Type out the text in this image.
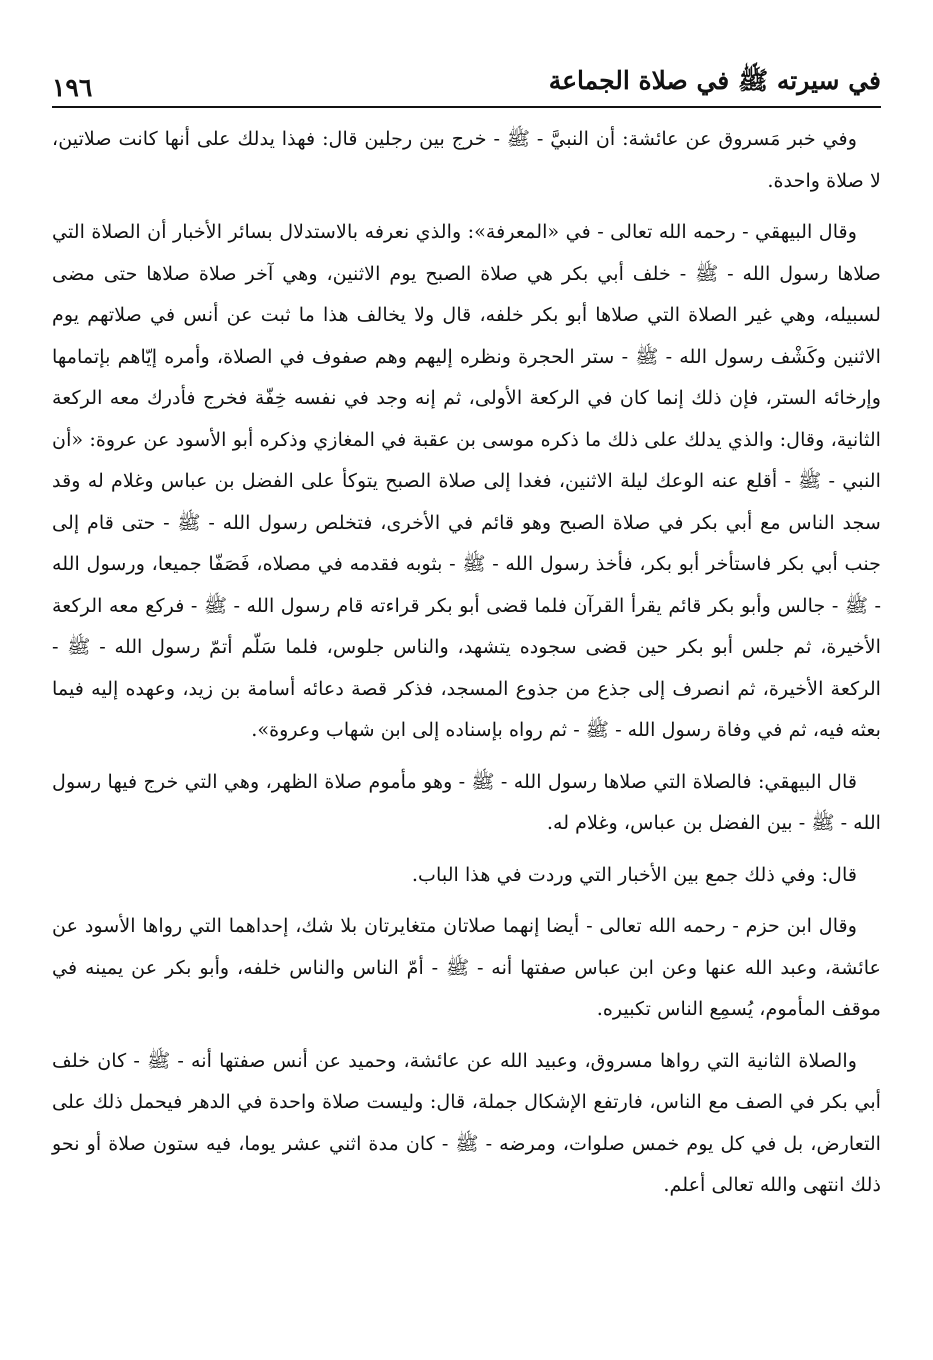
في سيرته ﷺ في صلاة الجماعة
١٩٦

وفي خبر مَسروق عن عائشة: أن النبيَّ - ﷺ - خرج بين رجلين قال: فهذا يدلك على أنها كانت صلاتين، لا صلاة واحدة.

وقال البيهقي - رحمه الله تعالى - في «المعرفة»: والذي نعرفه بالاستدلال بسائر الأخبار أن الصلاة التي صلاها رسول الله - ﷺ - خلف أبي بكر هي صلاة الصبح يوم الاثنين، وهي آخر صلاة صلاها حتى مضى لسبيله، وهي غير الصلاة التي صلاها أبو بكر خلفه، قال ولا يخالف هذا ما ثبت عن أنس في صلاتهم يوم الاثنين وكَشْف رسول الله - ﷺ - ستر الحجرة ونظره إليهم وهم صفوف في الصلاة، وأمره إيّاهم بإتمامها وإرخائه الستر، فإن ذلك إنما كان في الركعة الأولى، ثم إنه وجد في نفسه خِفّة فخرج فأدرك معه الركعة الثانية، وقال: والذي يدلك على ذلك ما ذكره موسى بن عقبة في المغازي وذكره أبو الأسود عن عروة: «أن النبي - ﷺ - أقلع عنه الوعك ليلة الاثنين، فغدا إلى صلاة الصبح يتوكأ على الفضل بن عباس وغلام له وقد سجد الناس مع أبي بكر في صلاة الصبح وهو قائم في الأخرى، فتخلص رسول الله - ﷺ - حتى قام إلى جنب أبي بكر فاستأخر أبو بكر، فأخذ رسول الله - ﷺ - بثوبه فقدمه في مصلاه، فَصَفّا جميعا، ورسول الله - ﷺ - جالس وأبو بكر قائم يقرأ القرآن فلما قضى أبو بكر قراءته قام رسول الله - ﷺ - فركع معه الركعة الأخيرة، ثم جلس أبو بكر حين قضى سجوده يتشهد، والناس جلوس، فلما سَلّم أتمّ رسول الله - ﷺ - الركعة الأخيرة، ثم انصرف إلى جذع من جذوع المسجد، فذكر قصة دعائه أسامة بن زيد، وعهده إليه فيما بعثه فيه، ثم في وفاة رسول الله - ﷺ - ثم رواه بإسناده إلى ابن شهاب وعروة».

قال البيهقي: فالصلاة التي صلاها رسول الله - ﷺ - وهو مأموم صلاة الظهر، وهي التي خرج فيها رسول الله - ﷺ - بين الفضل بن عباس، وغلام له.

قال: وفي ذلك جمع بين الأخبار التي وردت في هذا الباب.

وقال ابن حزم - رحمه الله تعالى - أيضا إنهما صلاتان متغايرتان بلا شك، إحداهما التي رواها الأسود عن عائشة، وعبد الله عنها وعن ابن عباس صفتها أنه - ﷺ - أمّ الناس والناس خلفه، وأبو بكر عن يمينه في موقف المأموم، يُسمِع الناس تكبيره.

والصلاة الثانية التي رواها مسروق، وعبيد الله عن عائشة، وحميد عن أنس صفتها أنه - ﷺ - كان خلف أبي بكر في الصف مع الناس، فارتفع الإشكال جملة، قال: وليست صلاة واحدة في الدهر فيحمل ذلك على التعارض، بل في كل يوم خمس صلوات، ومرضه - ﷺ - كان مدة اثني عشر يوما، فيه ستون صلاة أو نحو ذلك انتهى والله تعالى أعلم.
